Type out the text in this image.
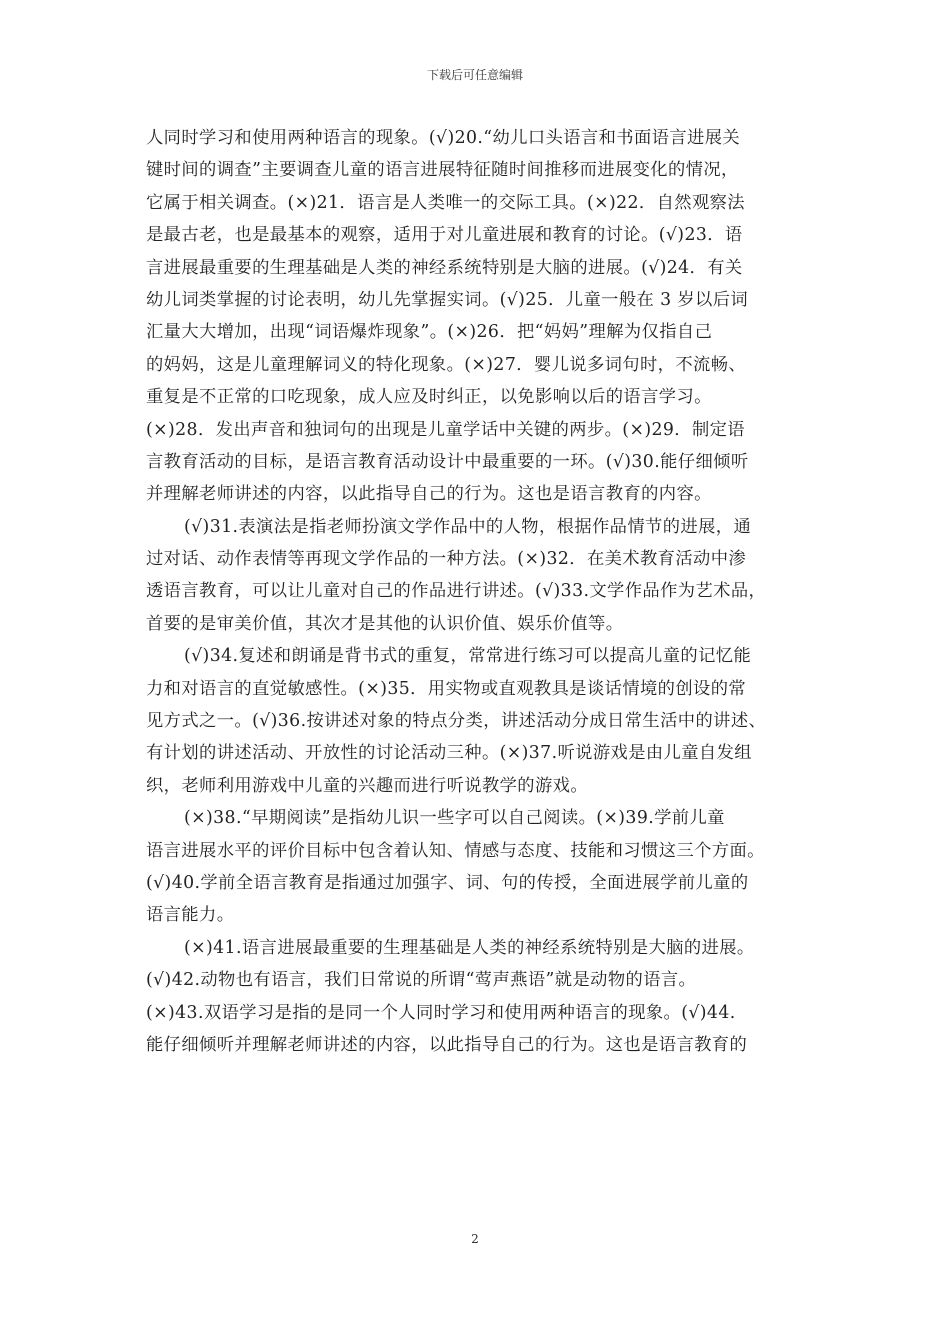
下载后可任意编辑
人同时学习和使用两种语言的现象。(√)20.“幼儿口头语言和书面语言进展关
键时间的调查”主要调查儿童的语言进展特征随时间推移而进展变化的情况，
它属于相关调查。(×)21．语言是人类唯一的交际工具。(×)22．自然观察法
是最古老，也是最基本的观察，适用于对儿童进展和教育的讨论。(√)23．语
言进展最重要的生理基础是人类的神经系统特别是大脑的进展。(√)24．有关
幼儿词类掌握的讨论表明，幼儿先掌握实词。(√)25．儿童一般在 3 岁以后词
汇量大大增加，出现“词语爆炸现象”。(×)26．把“妈妈”理解为仅指自己
的妈妈，这是儿童理解词义的特化现象。(×)27．婴儿说多词句时，不流畅、
重复是不正常的口吃现象，成人应及时纠正，以免影响以后的语言学习。
(×)28．发出声音和独词句的出现是儿童学话中关键的两步。(×)29．制定语
言教育活动的目标，是语言教育活动设计中最重要的一环。(√)30.能仔细倾听
并理解老师讲述的内容，以此指导自己的行为。这也是语言教育的内容。
(√)31.表演法是指老师扮演文学作品中的人物，根据作品情节的进展，通
过对话、动作表情等再现文学作品的一种方法。(×)32．在美术教育活动中渗
透语言教育，可以让儿童对自己的作品进行讲述。(√)33.文学作品作为艺术品，
首要的是审美价值，其次才是其他的认识价值、娱乐价值等。
(√)34.复述和朗诵是背书式的重复，常常进行练习可以提高儿童的记忆能
力和对语言的直觉敏感性。(×)35．用实物或直观教具是谈话情境的创设的常
见方式之一。(√)36.按讲述对象的特点分类，讲述活动分成日常生活中的讲述、
有计划的讲述活动、开放性的讨论活动三种。(×)37.听说游戏是由儿童自发组
织，老师利用游戏中儿童的兴趣而进行听说教学的游戏。
(×)38.“早期阅读”是指幼儿识一些字可以自己阅读。(×)39.学前儿童
语言进展水平的评价目标中包含着认知、情感与态度、技能和习惯这三个方面。
(√)40.学前全语言教育是指通过加强字、词、句的传授，全面进展学前儿童的
语言能力。
(×)41.语言进展最重要的生理基础是人类的神经系统特别是大脑的进展。
(√)42.动物也有语言，我们日常说的所谓“莺声燕语”就是动物的语言。
(×)43.双语学习是指的是同一个人同时学习和使用两种语言的现象。(√)44.
能仔细倾听并理解老师讲述的内容，以此指导自己的行为。这也是语言教育的
2
